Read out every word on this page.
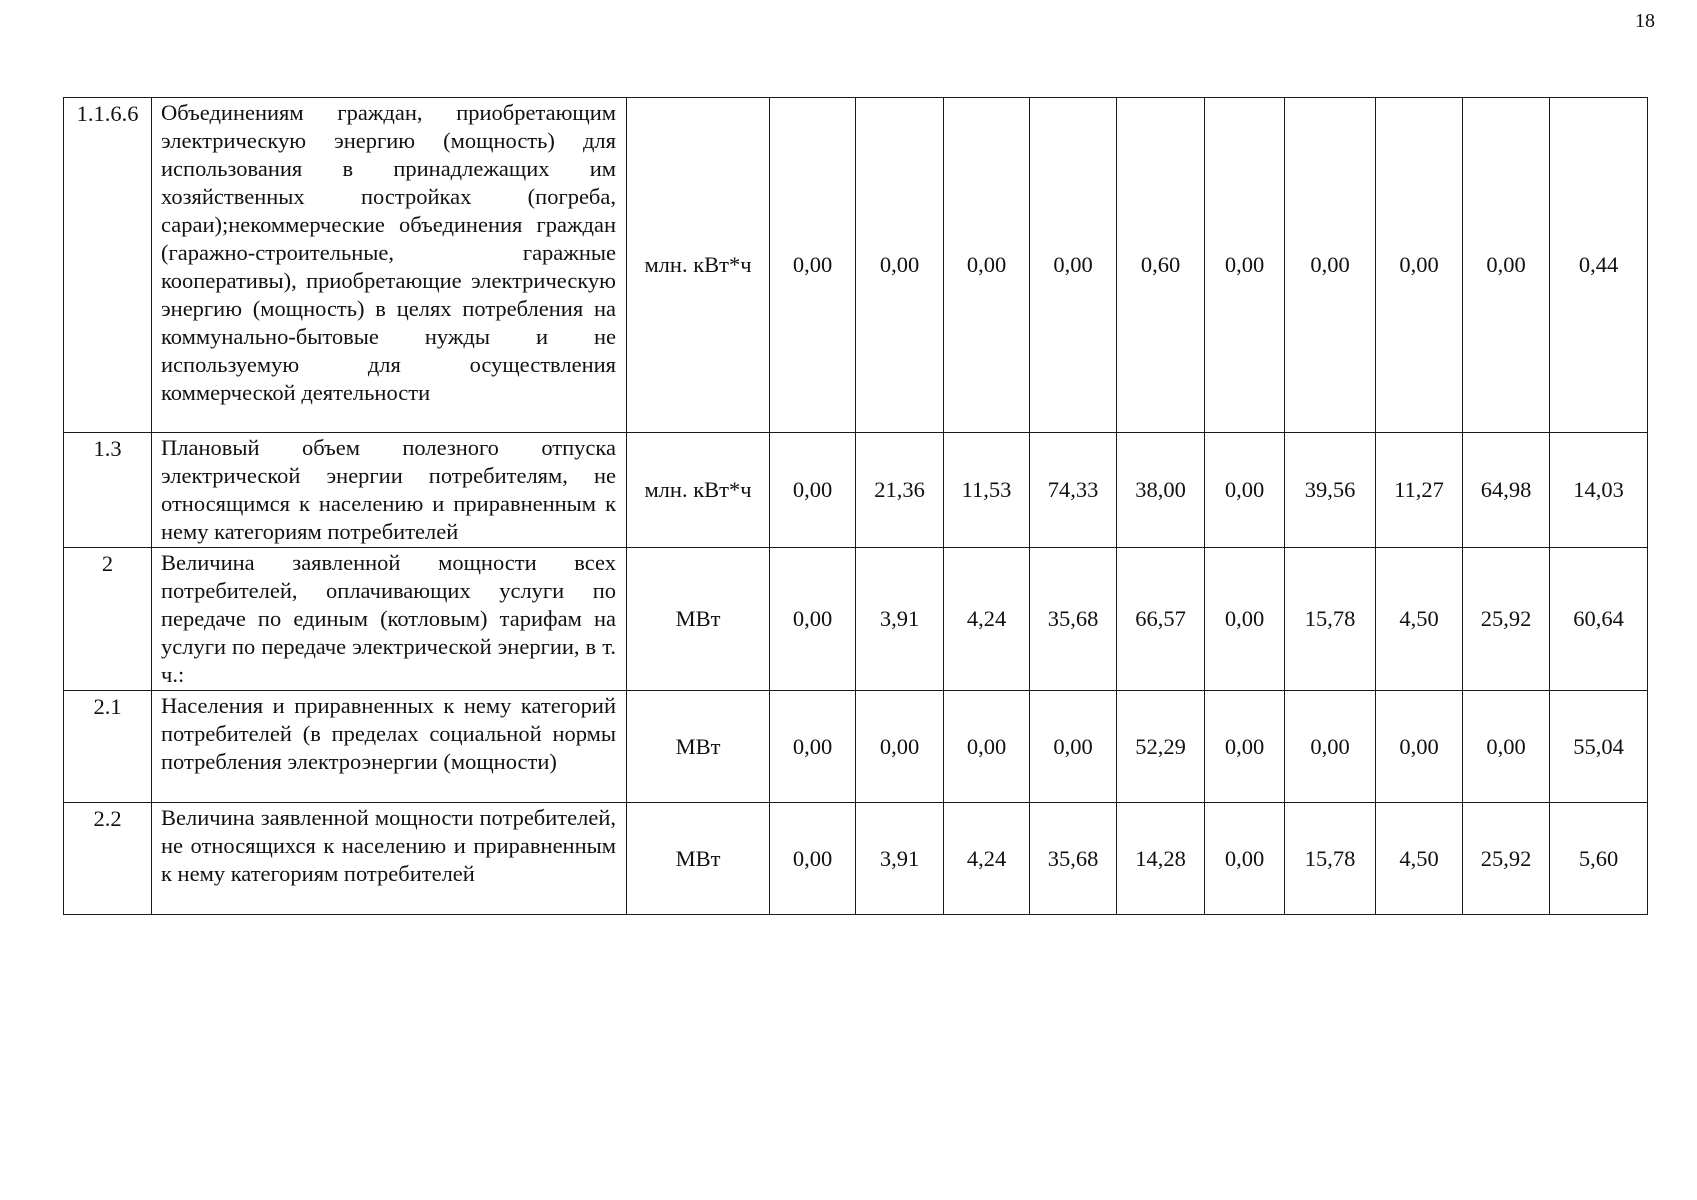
18
1.1.6.6	Объединениям граждан, приобретающим электрическую энергию (мощность) для использования в принадлежащих им хозяйственных постройках (погреба, сараи);некоммерческие объединения граждан (гаражно-строительные, гаражные кооперативы), приобретающие электрическую энергию (мощность) в целях потребления на коммунально-бытовые нужды и не используемую для осуществления коммерческой деятельности	млн. кВт*ч	0,00	0,00	0,00	0,00	0,60	0,00	0,00	0,00	0,00	0,44
1.3	Плановый объем полезного отпуска электрической энергии потребителям, не относящимся к населению и приравненным к нему категориям потребителей	млн. кВт*ч	0,00	21,36	11,53	74,33	38,00	0,00	39,56	11,27	64,98	14,03
2	Величина заявленной мощности всех потребителей, оплачивающих услуги по передаче по единым (котловым) тарифам на услуги по передаче электрической энергии, в т. ч.:	МВт	0,00	3,91	4,24	35,68	66,57	0,00	15,78	4,50	25,92	60,64
2.1	Населения и приравненных к нему категорий потребителей (в пределах социальной нормы потребления электроэнергии (мощности)	МВт	0,00	0,00	0,00	0,00	52,29	0,00	0,00	0,00	0,00	55,04
2.2	Величина заявленной мощности потребителей, не относящихся к населению и приравненным к нему категориям потребителей	МВт	0,00	3,91	4,24	35,68	14,28	0,00	15,78	4,50	25,92	5,60
